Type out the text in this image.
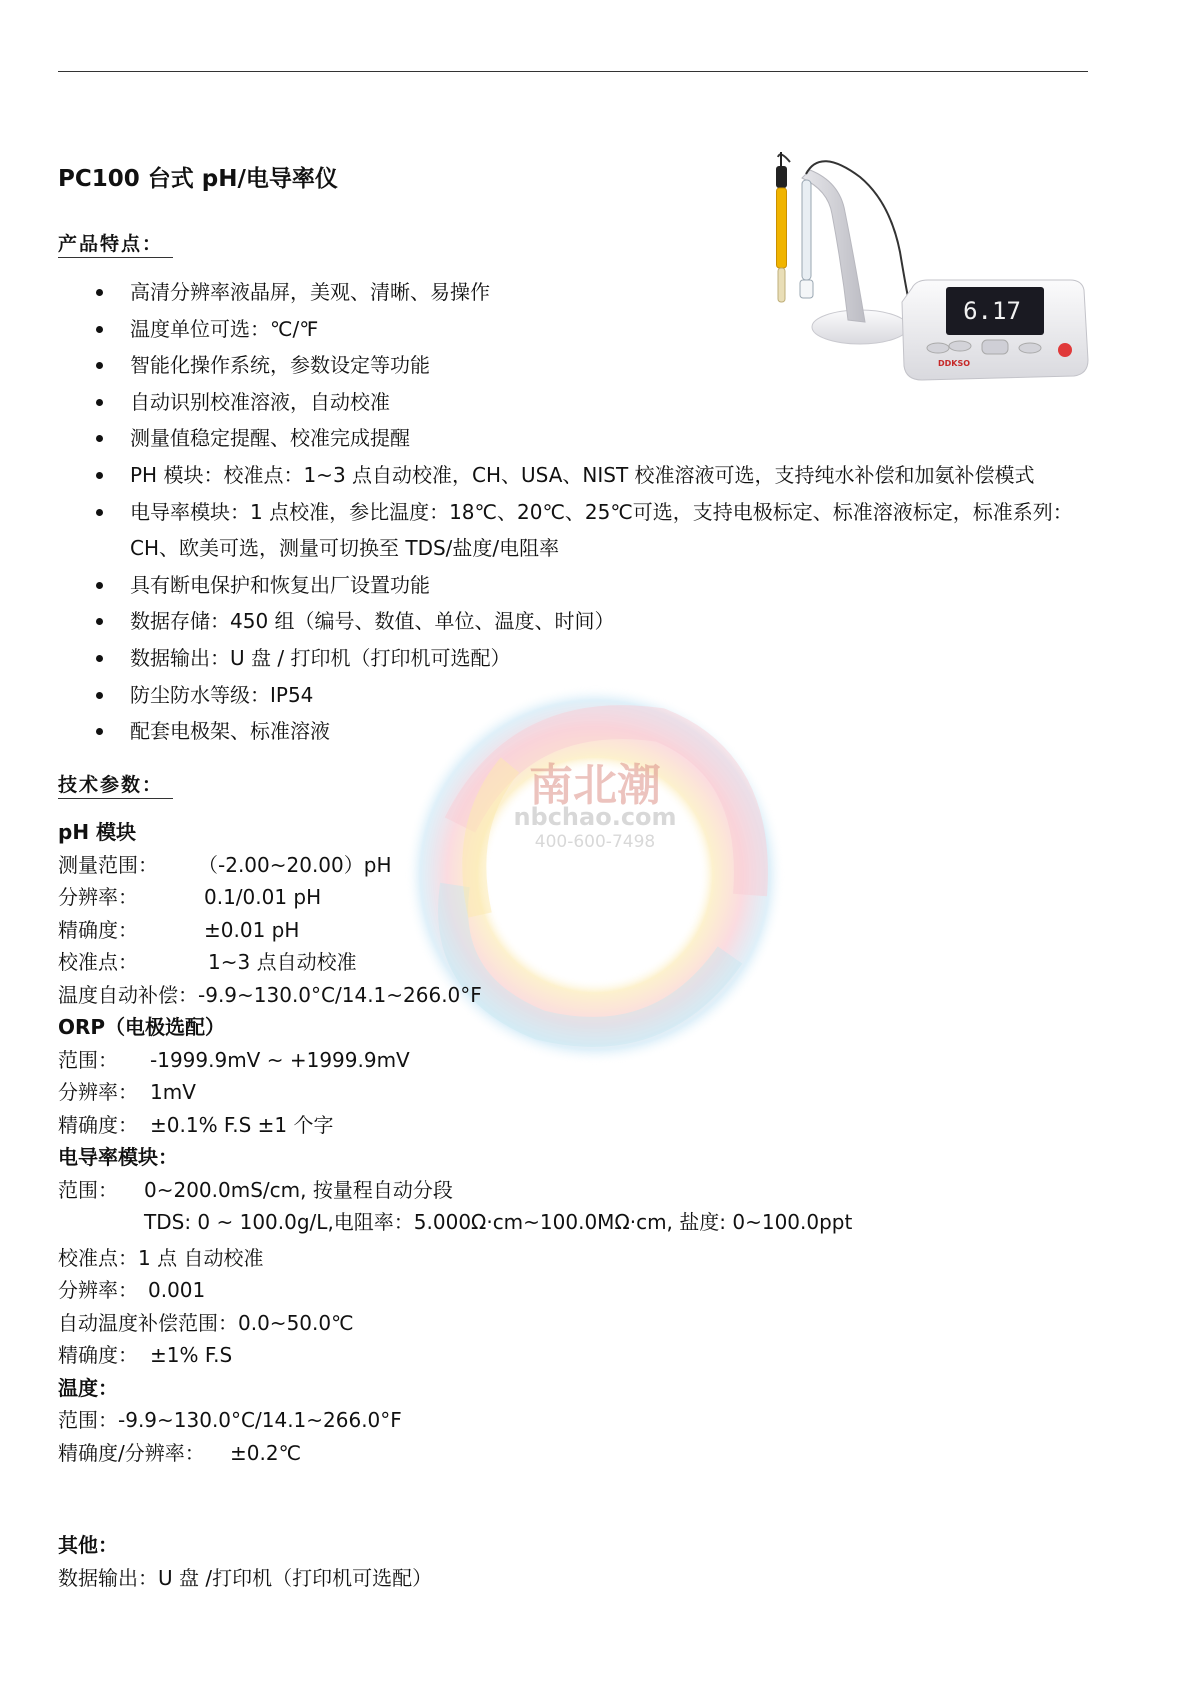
南北潮
nbchao.com
400-600-7498
PC100 台式 pH/电导率仪
产品特点：
高清分辨率液晶屏，美观、清晰、易操作
温度单位可选：℃/℉
智能化操作系统，参数设定等功能
自动识别校准溶液，自动校准
测量值稳定提醒、校准完成提醒
PH 模块：校准点：1~3 点自动校准，CH、USA、NIST 校准溶液可选，支持纯水补偿和加氨补偿模式
电导率模块：1 点校准，参比温度：18℃、20℃、25℃可选，支持电极标定、标准溶液标定，标准系列：
CH、欧美可选，测量可切换至 TDS/盐度/电阻率
具有断电保护和恢复出厂设置功能
数据存储：450 组（编号、数值、单位、温度、时间）
数据输出：U 盘 / 打印机（打印机可选配）
防尘防水等级：IP54
配套电极架、标准溶液
技术参数：
pH 模块
测量范围： （-2.00~20.00）pH
分辨率：	0.1/0.01 pH
精确度：	±0.01 pH
校准点：	1~3 点自动校准
温度自动补偿：-9.9~130.0°C/14.1~266.0°F
ORP（电极选配）
范围： -1999.9mV ~ +1999.9mV
分辨率： 1mV
精确度： ±0.1% F.S ±1 个字
电导率模块：
范围： 0~200.0mS/cm, 按量程自动分段
TDS: 0 ~ 100.0g/L,电阻率：5.000Ω·cm~100.0MΩ·cm, 盐度: 0~100.0ppt
校准点：1 点 自动校准
分辨率： 0.001
自动温度补偿范围：0.0~50.0℃
精确度： ±1% F.S
温度：
范围：-9.9~130.0°C/14.1~266.0°F
精确度/分辨率： ±0.2℃
其他：
数据输出：U 盘 /打印机（打印机可选配）
6.17
DDKSO
